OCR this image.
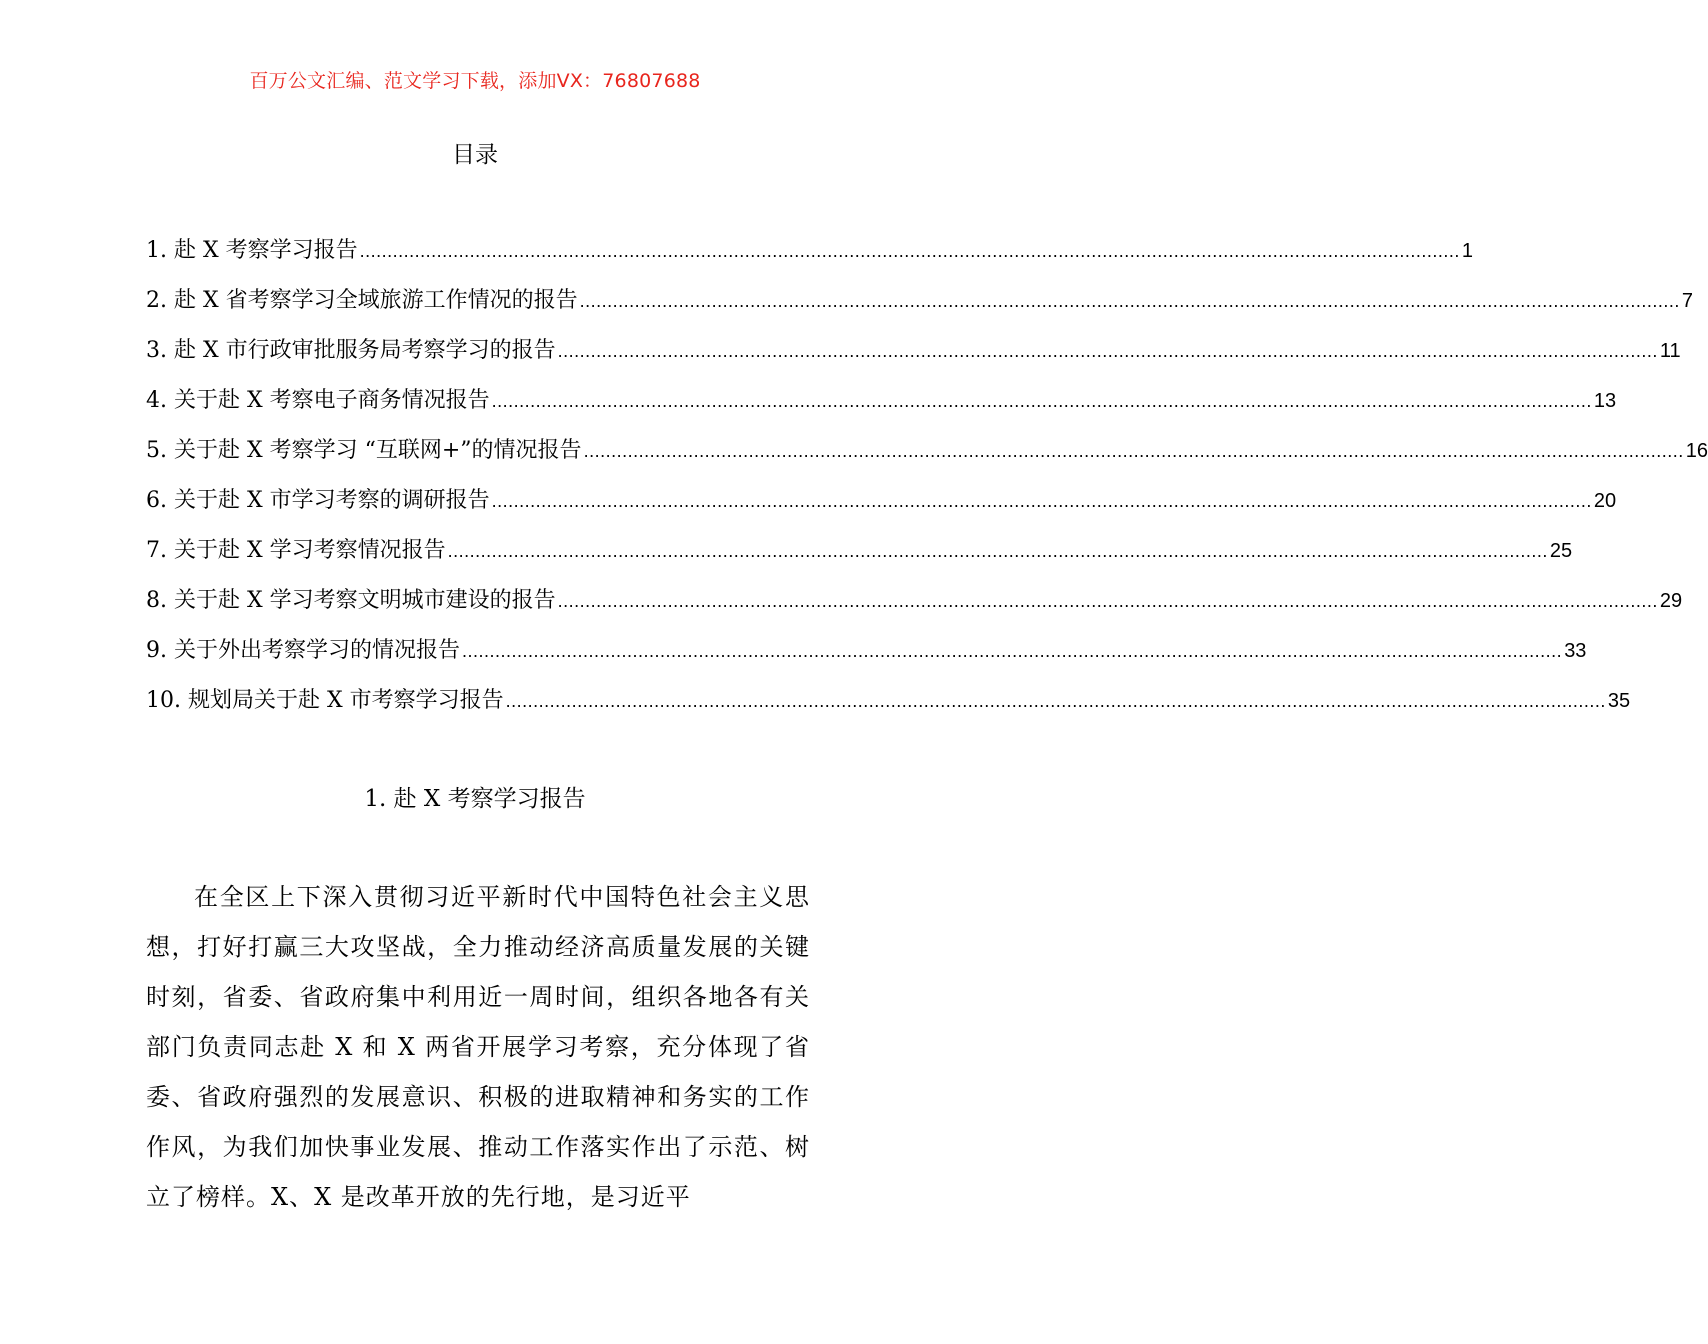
百万公文汇编、范文学习下载，添加VX：76807688
目录
1. 赴 X 考察学习报告 ........................................................................................................................................................................................................ 1
2. 赴 X 省考察学习全域旅游工作情况的报告 ........................................................................................................................................................................................................ 7
3. 赴 X 市行政审批服务局考察学习的报告 ........................................................................................................................................................................................................ 11
4. 关于赴 X 考察电子商务情况报告 ........................................................................................................................................................................................................ 13
5. 关于赴 X 考察学习 “互联网+”的情况报告 ........................................................................................................................................................................................................ 16
6. 关于赴 X 市学习考察的调研报告 ........................................................................................................................................................................................................ 20
7. 关于赴 X 学习考察情况报告 ........................................................................................................................................................................................................ 25
8. 关于赴 X 学习考察文明城市建设的报告 ........................................................................................................................................................................................................ 29
9. 关于外出考察学习的情况报告 ........................................................................................................................................................................................................ 33
10. 规划局关于赴 X 市考察学习报告 ........................................................................................................................................................................................................ 35
1. 赴 X 考察学习报告

在全区上下深入贯彻习近平新时代中国特色社会主义思想，打好打赢三大攻坚战，全力推动经济高质量发展的关键时刻，省委、省政府集中利用近一周时间，组织各地各有关部门负责同志赴 X 和 X 两省开展学习考察，充分体现了省委、省政府强烈的发展意识、积极的进取精神和务实的工作作风，为我们加快事业发展、推动工作落实作出了示范、树立了榜样。X、X 是改革开放的先行地，是习近平
